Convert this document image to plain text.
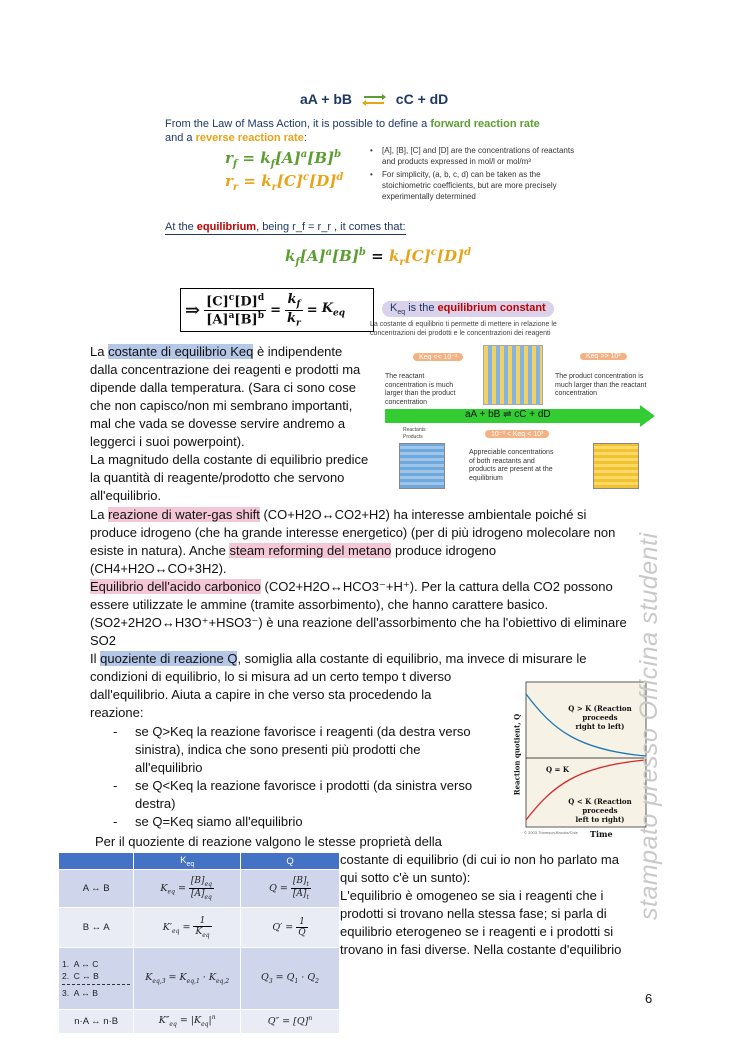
aA + bB ⇌ cC + dD
From the Law of Mass Action, it is possible to define a forward reaction rate
and a reverse reaction rate:
$r_f = k_f[A]^a[B]^b$
$r_r = k_r[C]^c[D]^d$
• [A], [B], [C] and [D] are the concentrations of reactants and products expressed in mol/l or mol/m³
• For simplicity, (a, b, c, d) can be taken as the stoichiometric coefficients, but are more precisely experimentally determined
At the equilibrium, being r_f = r_r , it comes that:
$k_f[A]^a[B]^b = k_r[C]^c[D]^d$
⇒ $\frac{[C]^c[D]^d}{[A]^a[B]^b} = \frac{k_f}{k_r} = K_{eq}$	$K_{eq}$ is the equilibrium constant
La costante di equilibrio ti permette di mettere in relazione le concentrazioni dei prodotti e le concentrazioni dei reagenti
Keq << 10⁻³	Keq >> 10³
The reactant concentration is much larger than the product concentration
The product concentration is much larger than the reactant concentration
aA + bB ⇌ cC + dD
10⁻³ < Keq < 10³
Appreciable concentrations of both reactants and products are present at the equilibrium
Reactants
Products
La costante di equilibrio Keq è indipendente
dalla concentrazione dei reagenti e prodotti ma
dipende dalla temperatura. (Sara ci sono cose
che non capisco/non mi sembrano importanti,
mal che vada se dovesse servire andremo a
leggerci i suoi powerpoint).
La magnitudo della costante di equilibrio predice
la quantità di reagente/prodotto che servono
all'equilibrio.
La reazione di water-gas shift (CO+H2O↔CO2+H2) ha interesse ambientale poiché si
produce idrogeno (che ha grande interesse energetico) (per di più idrogeno molecolare non
esiste in natura). Anche steam reforming del metano produce idrogeno
(CH4+H2O↔CO+3H2).
Equilibrio dell'acido carbonico (CO2+H2O↔HCO3⁻+H⁺). Per la cattura della CO2 possono
essere utilizzate le ammine (tramite assorbimento), che hanno carattere basico.
(SO2+2H2O↔H3O⁺+HSO3⁻) è una reazione dell'assorbimento che ha l'obiettivo di eliminare
SO2
Il quoziente di reazione Q, somiglia alla costante di equilibrio, ma invece di misurare le
condizioni di equilibrio, lo si misura ad un certo tempo t diverso
dall'equilibrio. Aiuta a capire in che verso sta procedendo la
reazione:
- se Q>Keq la reazione favorisce i reagenti (da destra verso
sinistra), indica che sono presenti più prodotti che
all'equilibrio
- se Q<Keq la reazione favorisce i prodotti (da sinistra verso
destra)
- se Q=Keq siamo all'equilibrio
Per il quoziente di reazione valgono le stesse proprietà della
costante di equilibrio (di cui io non ho parlato ma
qui sotto c'è un sunto):
L'equilibrio è omogeneo se sia i reagenti che i
prodotti si trovano nella stessa fase; si parla di
equilibrio eterogeneo se i reagenti e i prodotti si
trovano in fasi diverse. Nella costante d'equilibrio
Reaction quotient, Q
Q > K (Reaction proceeds
right to left)
Q = K
Q < K (Reaction proceeds
left to right)
© 2003 Thomson-Brooks/Cole Time
	$K_{eq}$	Q
A ↔ B	$K_{eq} = \frac{[B]_{eq}}{[A]_{eq}}$	$Q = \frac{[B]_t}{[A]_t}$

B ↔ A	$K'_{eq} = \frac{1}{K_{eq}}$	$Q' = \frac{1}{Q}$

1.  A ↔ C
2.  C ↔ B
3.  A ↔ B	$K_{eq,3} = K_{eq,1} \cdot K_{eq,2}$	$Q_3 = Q_1 \cdot Q_2$
n·A ↔ n·B	$K''_{eq} = |K_{eq}|^n$	$Q'' = [Q]^n$
stampato presso Officina studenti
6
